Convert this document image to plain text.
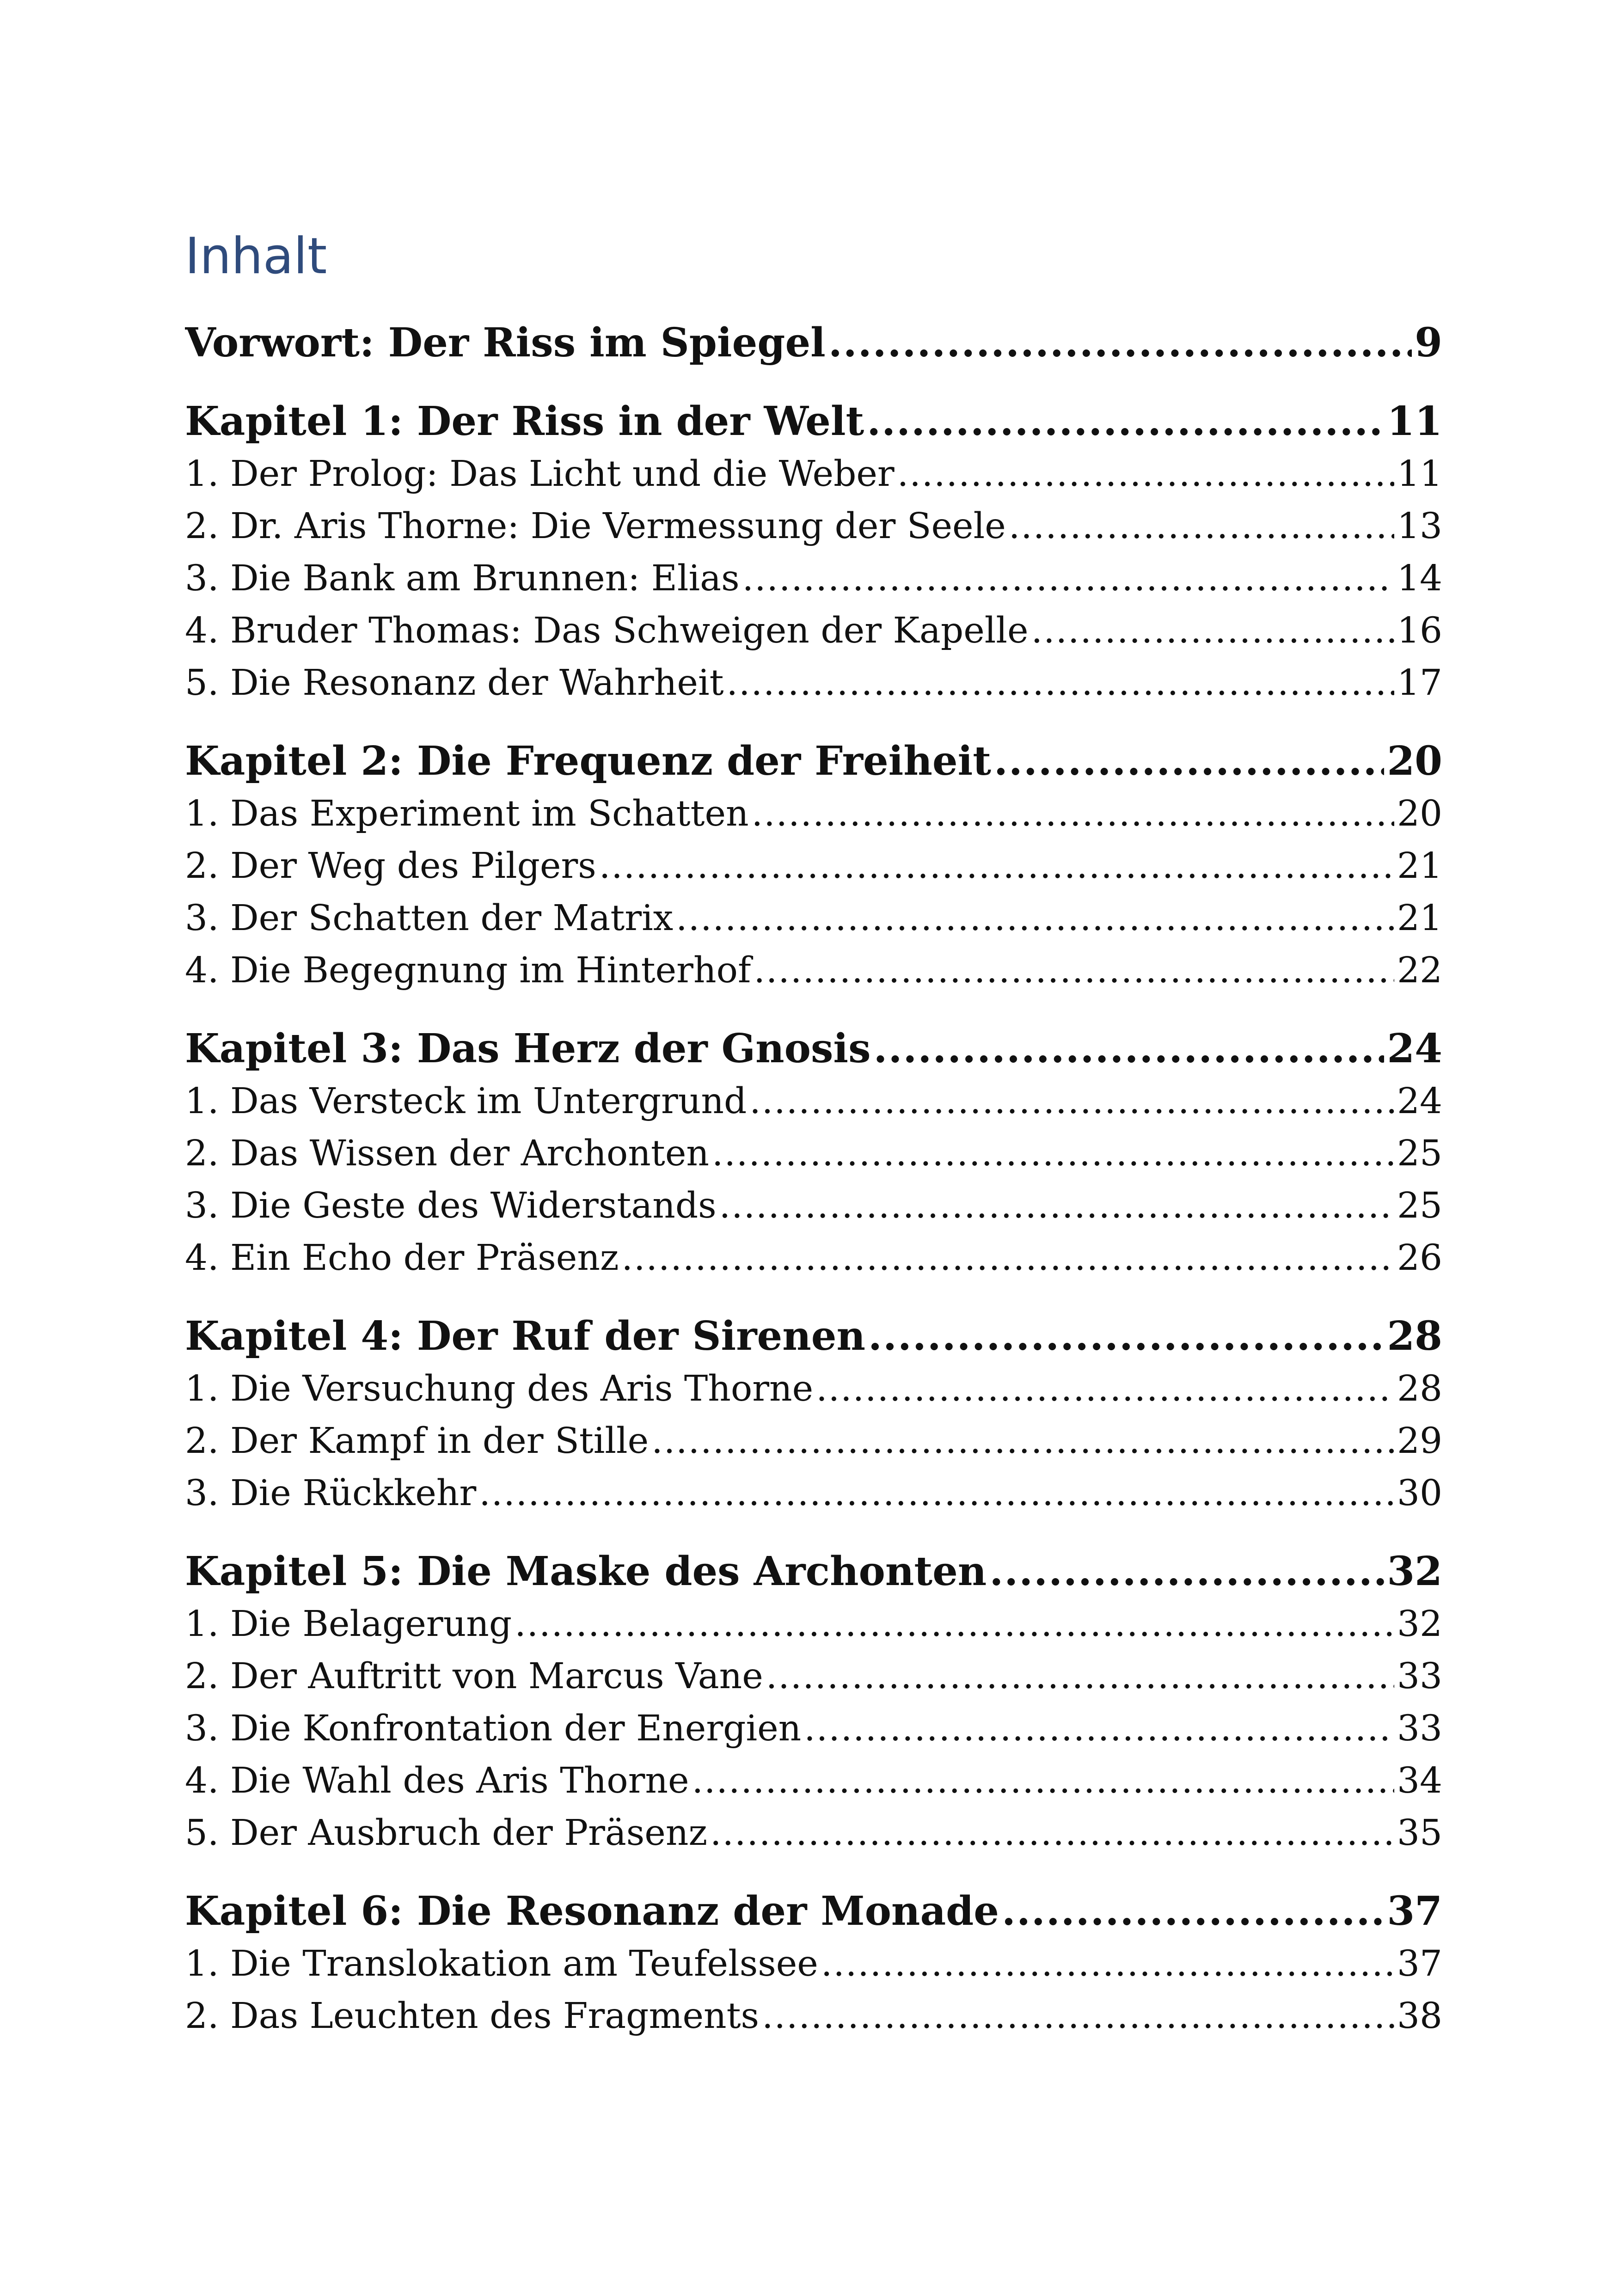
Inhalt
Vorwort: Der Riss im Spiegel .....	9
Kapitel 1: Der Riss in der Welt .....	11
1. Der Prolog: Das Licht und die Weber .....	11
2. Dr. Aris Thorne: Die Vermessung der Seele .....	13
3. Die Bank am Brunnen: Elias .....	14
4. Bruder Thomas: Das Schweigen der Kapelle .....	16
5. Die Resonanz der Wahrheit .....	17
Kapitel 2: Die Frequenz der Freiheit .....	20
1. Das Experiment im Schatten .....	20
2. Der Weg des Pilgers .....	21
3. Der Schatten der Matrix .....	21
4. Die Begegnung im Hinterhof .....	22
Kapitel 3: Das Herz der Gnosis .....	24
1. Das Versteck im Untergrund .....	24
2. Das Wissen der Archonten .....	25
3. Die Geste des Widerstands .....	25
4. Ein Echo der Präsenz .....	26
Kapitel 4: Der Ruf der Sirenen .....	28
1. Die Versuchung des Aris Thorne .....	28
2. Der Kampf in der Stille .....	29
3. Die Rückkehr .....	30
Kapitel 5: Die Maske des Archonten .....	32
1. Die Belagerung .....	32
2. Der Auftritt von Marcus Vane .....	33
3. Die Konfrontation der Energien .....	33
4. Die Wahl des Aris Thorne .....	34
5. Der Ausbruch der Präsenz .....	35
Kapitel 6: Die Resonanz der Monade .....	37
1. Die Translokation am Teufelssee .....	37
2. Das Leuchten des Fragments .....	38
